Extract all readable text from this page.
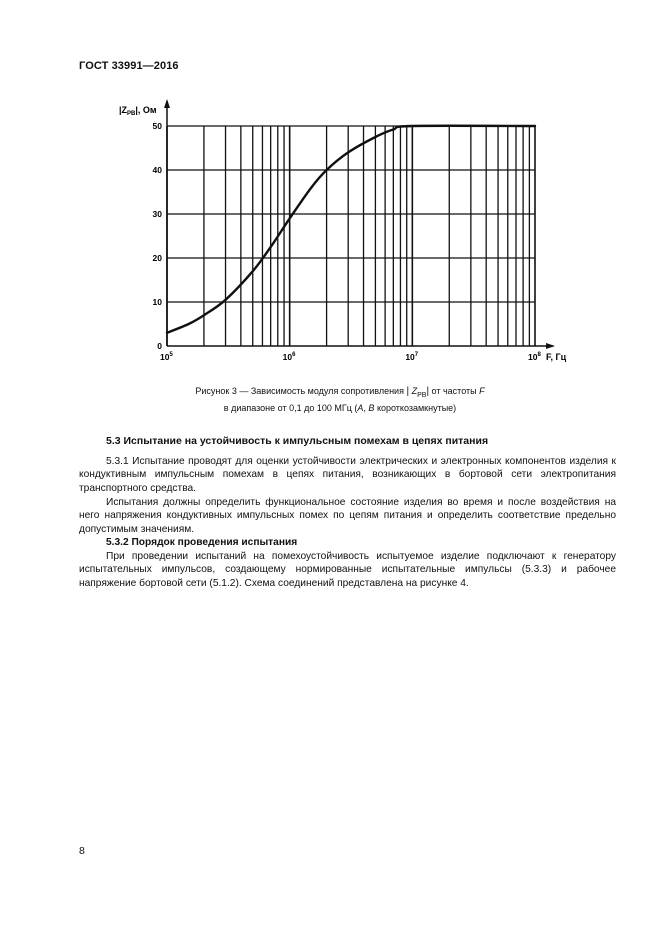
ГОСТ 33991—2016
0
10
20
30
40
50
$10^5$	$10^6$	$10^7$	$10^8$
$|Z_{PB}|$, Ом
F, Гц
Рисунок 3 — Зависимость модуля сопротивления | $Z_{PB}|$ от частоты F
в диапазоне от 0,1 до 100 МГц (A, B короткозамкнутые)
5.3 Испытание на устойчивость к импульсным помехам в цепях питания
5.3.1 Испытание проводят для оценки устойчивости электрических и электронных компонентов изделия к кондуктивным импульсным помехам в цепях питания, возникающих в бортовой сети электропитания транспортного средства.
Испытания должны определить функциональное состояние изделия во время и после воздействия на него напряжения кондуктивных импульсных помех по цепям питания и определить соответствие предельно допустимым значениям.
5.3.2 Порядок проведения испытания
При проведении испытаний на помехоустойчивость испытуемое изделие подключают к генератору испытательных импульсов, создающему нормированные испытательные импульсы (5.3.3) и рабочее напряжение бортовой сети (5.1.2). Схема соединений представлена на рисунке 4.
8
